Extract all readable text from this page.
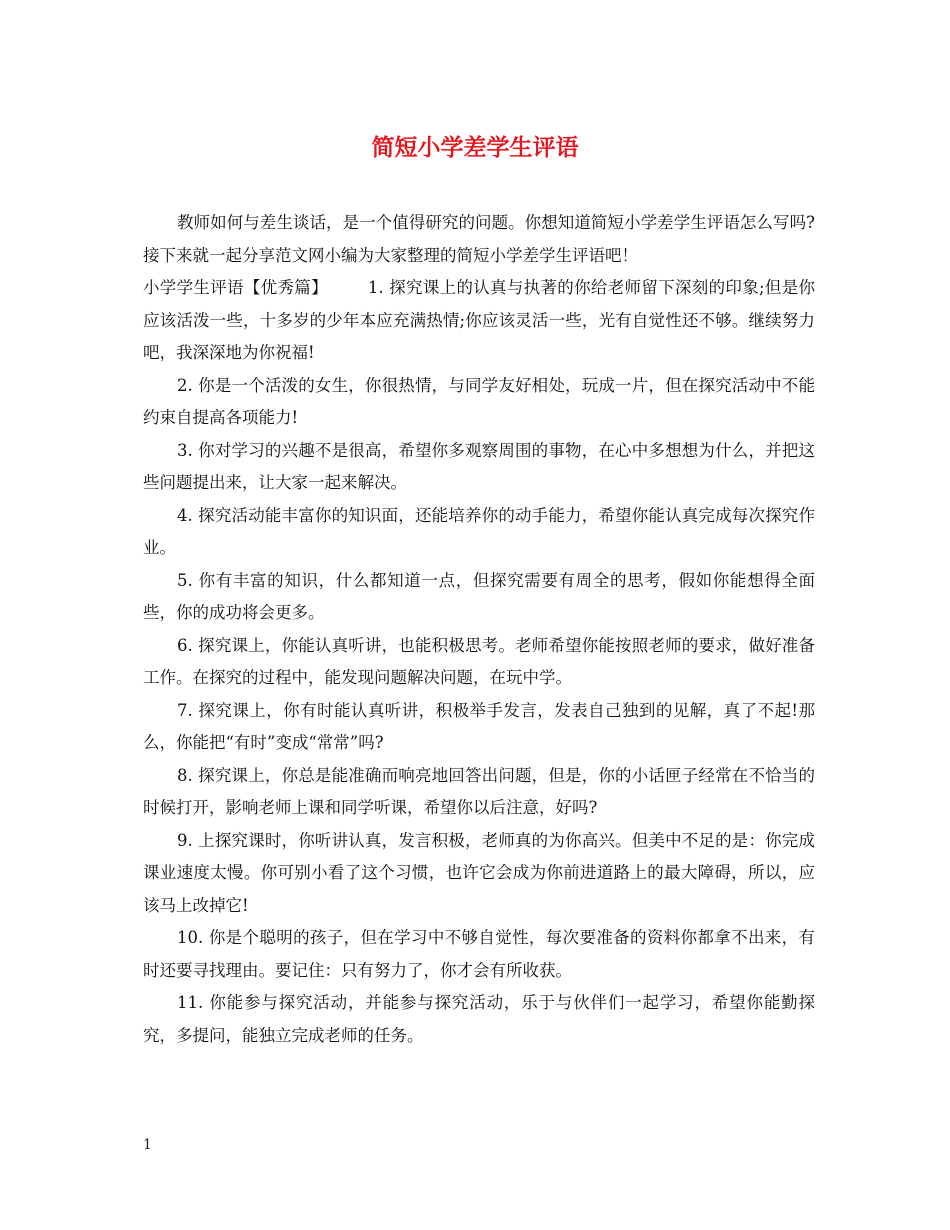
简短小学差学生评语

教师如何与差生谈话，是一个值得研究的问题。你想知道简短小学差学生评语怎么写吗?接下来就一起分享范文网小编为大家整理的简短小学差学生评语吧！

小学学生评语【优秀篇】 1. 探究课上的认真与执著的你给老师留下深刻的印象;但是你应该活泼一些，十多岁的少年本应充满热情;你应该灵活一些，光有自觉性还不够。继续努力吧，我深深地为你祝福!

2. 你是一个活泼的女生，你很热情，与同学友好相处，玩成一片，但在探究活动中不能约束自提高各项能力!

3. 你对学习的兴趣不是很高，希望你多观察周围的事物，在心中多想想为什么，并把这些问题提出来，让大家一起来解决。

4. 探究活动能丰富你的知识面，还能培养你的动手能力，希望你能认真完成每次探究作业。

5. 你有丰富的知识，什么都知道一点，但探究需要有周全的思考，假如你能想得全面些，你的成功将会更多。

6. 探究课上，你能认真听讲，也能积极思考。老师希望你能按照老师的要求，做好准备工作。在探究的过程中，能发现问题解决问题，在玩中学。

7. 探究课上，你有时能认真听讲，积极举手发言，发表自己独到的见解，真了不起!那么，你能把“有时”变成“常常”吗?

8. 探究课上，你总是能准确而响亮地回答出问题，但是，你的小话匣子经常在不恰当的时候打开，影响老师上课和同学听课，希望你以后注意，好吗?

9. 上探究课时，你听讲认真，发言积极，老师真的为你高兴。但美中不足的是：你完成课业速度太慢。你可别小看了这个习惯，也许它会成为你前进道路上的最大障碍，所以，应该马上改掉它!

10. 你是个聪明的孩子，但在学习中不够自觉性，每次要准备的资料你都拿不出来，有时还要寻找理由。要记住：只有努力了，你才会有所收获。

11. 你能参与探究活动，并能参与探究活动，乐于与伙伴们一起学习，希望你能勤探究，多提问，能独立完成老师的任务。

1
